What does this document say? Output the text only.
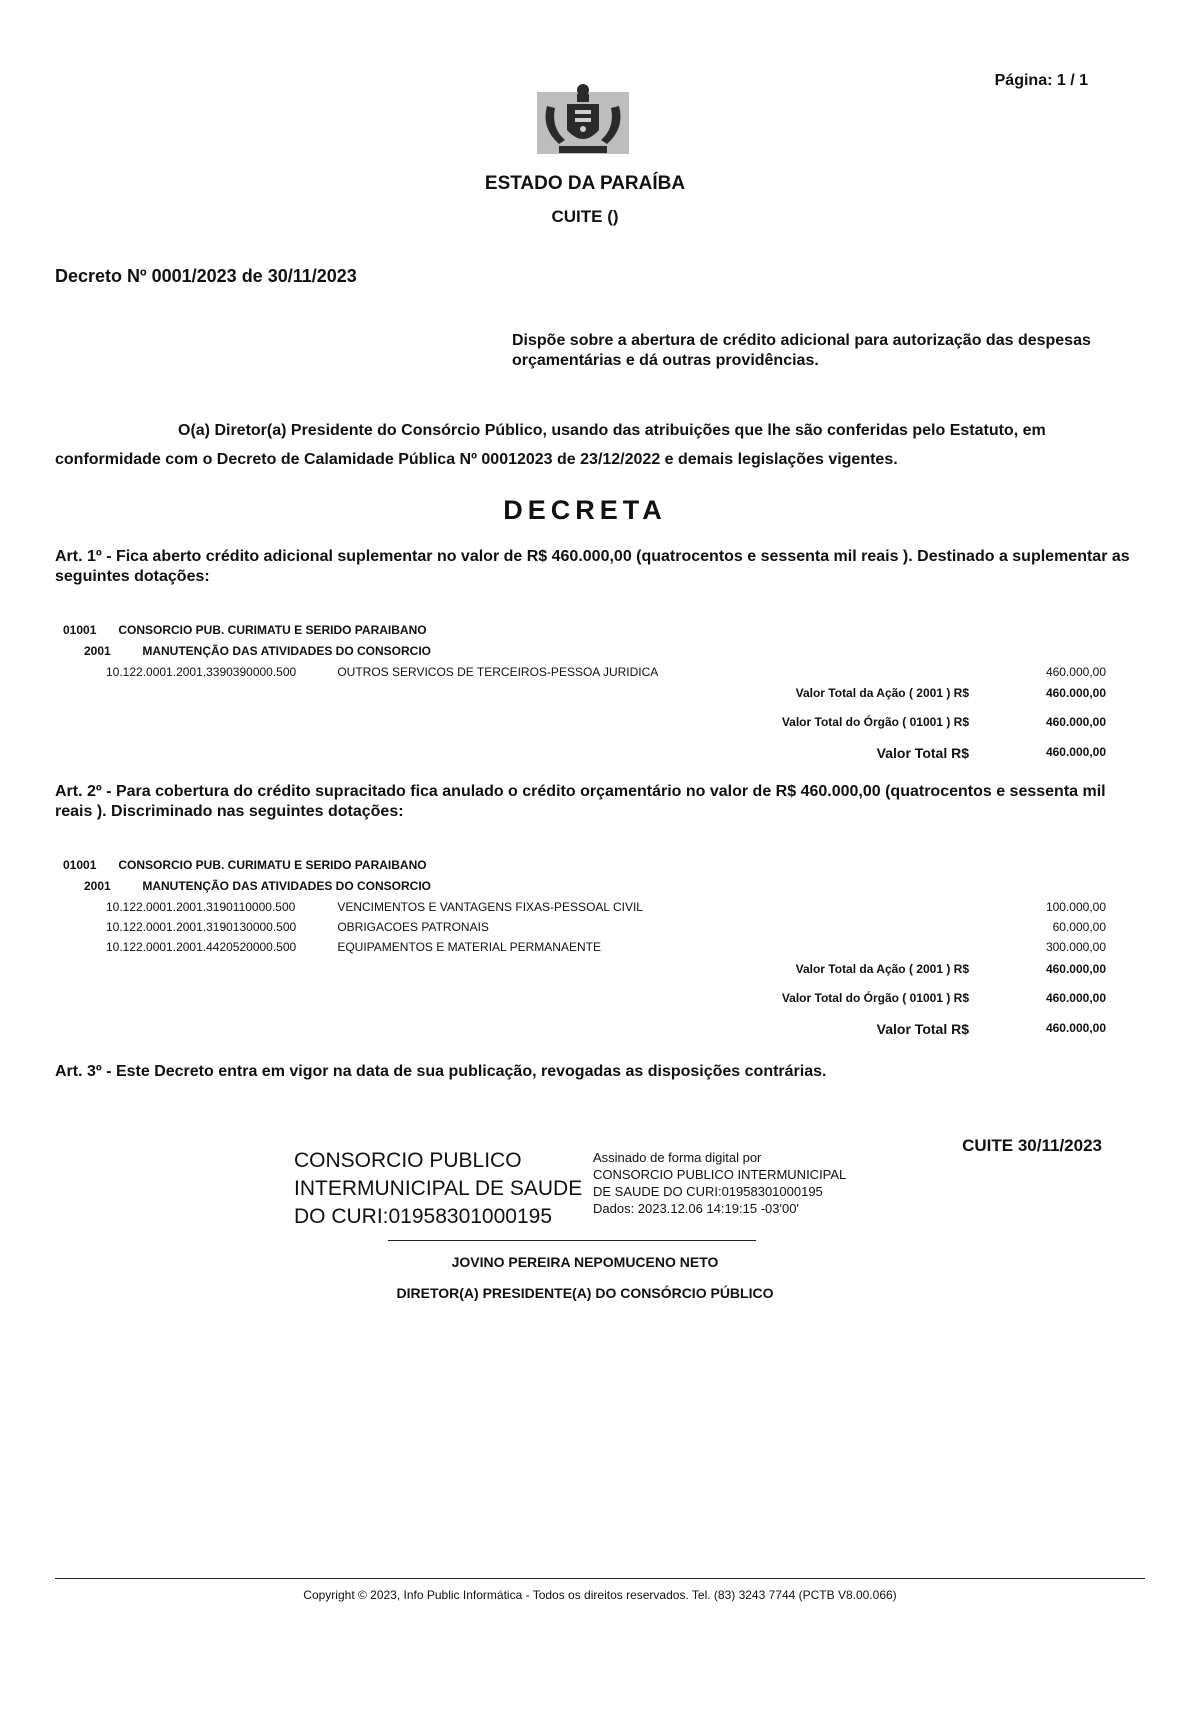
Página: 1 / 1
ESTADO DA PARAÍBA
CUITE ()
Decreto Nº 0001/2023 de 30/11/2023
Dispõe sobre a abertura de crédito adicional para autorização das despesas orçamentárias e dá outras providências.
O(a) Diretor(a) Presidente do Consórcio Público, usando das atribuições que lhe são conferidas pelo Estatuto, em conformidade com o Decreto de Calamidade Pública Nº 00012023 de 23/12/2022 e demais legislações vigentes.
DECRETA
Art. 1º - Fica aberto crédito adicional suplementar no valor de R$ 460.000,00 (quatrocentos e sessenta mil reais ). Destinado a suplementar as seguintes dotações:
01001 CONSORCIO PUB. CURIMATU E SERIDO PARAIBANO
2001	MANUTENÇÃO DAS ATIVIDADES DO CONSORCIO
10.122.0001.2001.3390390000.500	OUTROS SERVICOS DE TERCEIROS-PESSOA JURIDICA	460.000,00
Valor Total da Ação ( 2001 ) R$	460.000,00
Valor Total do Órgão ( 01001 ) R$	460.000,00
Valor Total R$	460.000,00
Art. 2º - Para cobertura do crédito supracitado fica anulado o crédito orçamentário no valor de R$ 460.000,00 (quatrocentos e sessenta mil reais ). Discriminado nas seguintes dotações:
01001 CONSORCIO PUB. CURIMATU E SERIDO PARAIBANO
2001	MANUTENÇÃO DAS ATIVIDADES DO CONSORCIO
10.122.0001.2001.3190110000.500	VENCIMENTOS E VANTAGENS FIXAS-PESSOAL CIVIL	100.000,00
10.122.0001.2001.3190130000.500	OBRIGACOES PATRONAIS	60.000,00
10.122.0001.2001.4420520000.500	EQUIPAMENTOS E MATERIAL PERMANAENTE	300.000,00
Valor Total da Ação ( 2001 ) R$	460.000,00
Valor Total do Órgão ( 01001 ) R$	460.000,00
Valor Total R$	460.000,00
Art. 3º - Este Decreto entra em vigor na data de sua publicação, revogadas as disposições contrárias.
CONSORCIO PUBLICO
INTERMUNICIPAL DE SAUDE
DO CURI:01958301000195
Assinado de forma digital por
CONSORCIO PUBLICO INTERMUNICIPAL
DE SAUDE DO CURI:01958301000195
Dados: 2023.12.06 14:19:15 -03'00'
CUITE 30/11/2023
JOVINO PEREIRA NEPOMUCENO NETO
DIRETOR(A) PRESIDENTE(A) DO CONSÓRCIO PÚBLICO
Copyright © 2023, Info Public Informática - Todos os direitos reservados. Tel. (83) 3243 7744 (PCTB V8.00.066)
